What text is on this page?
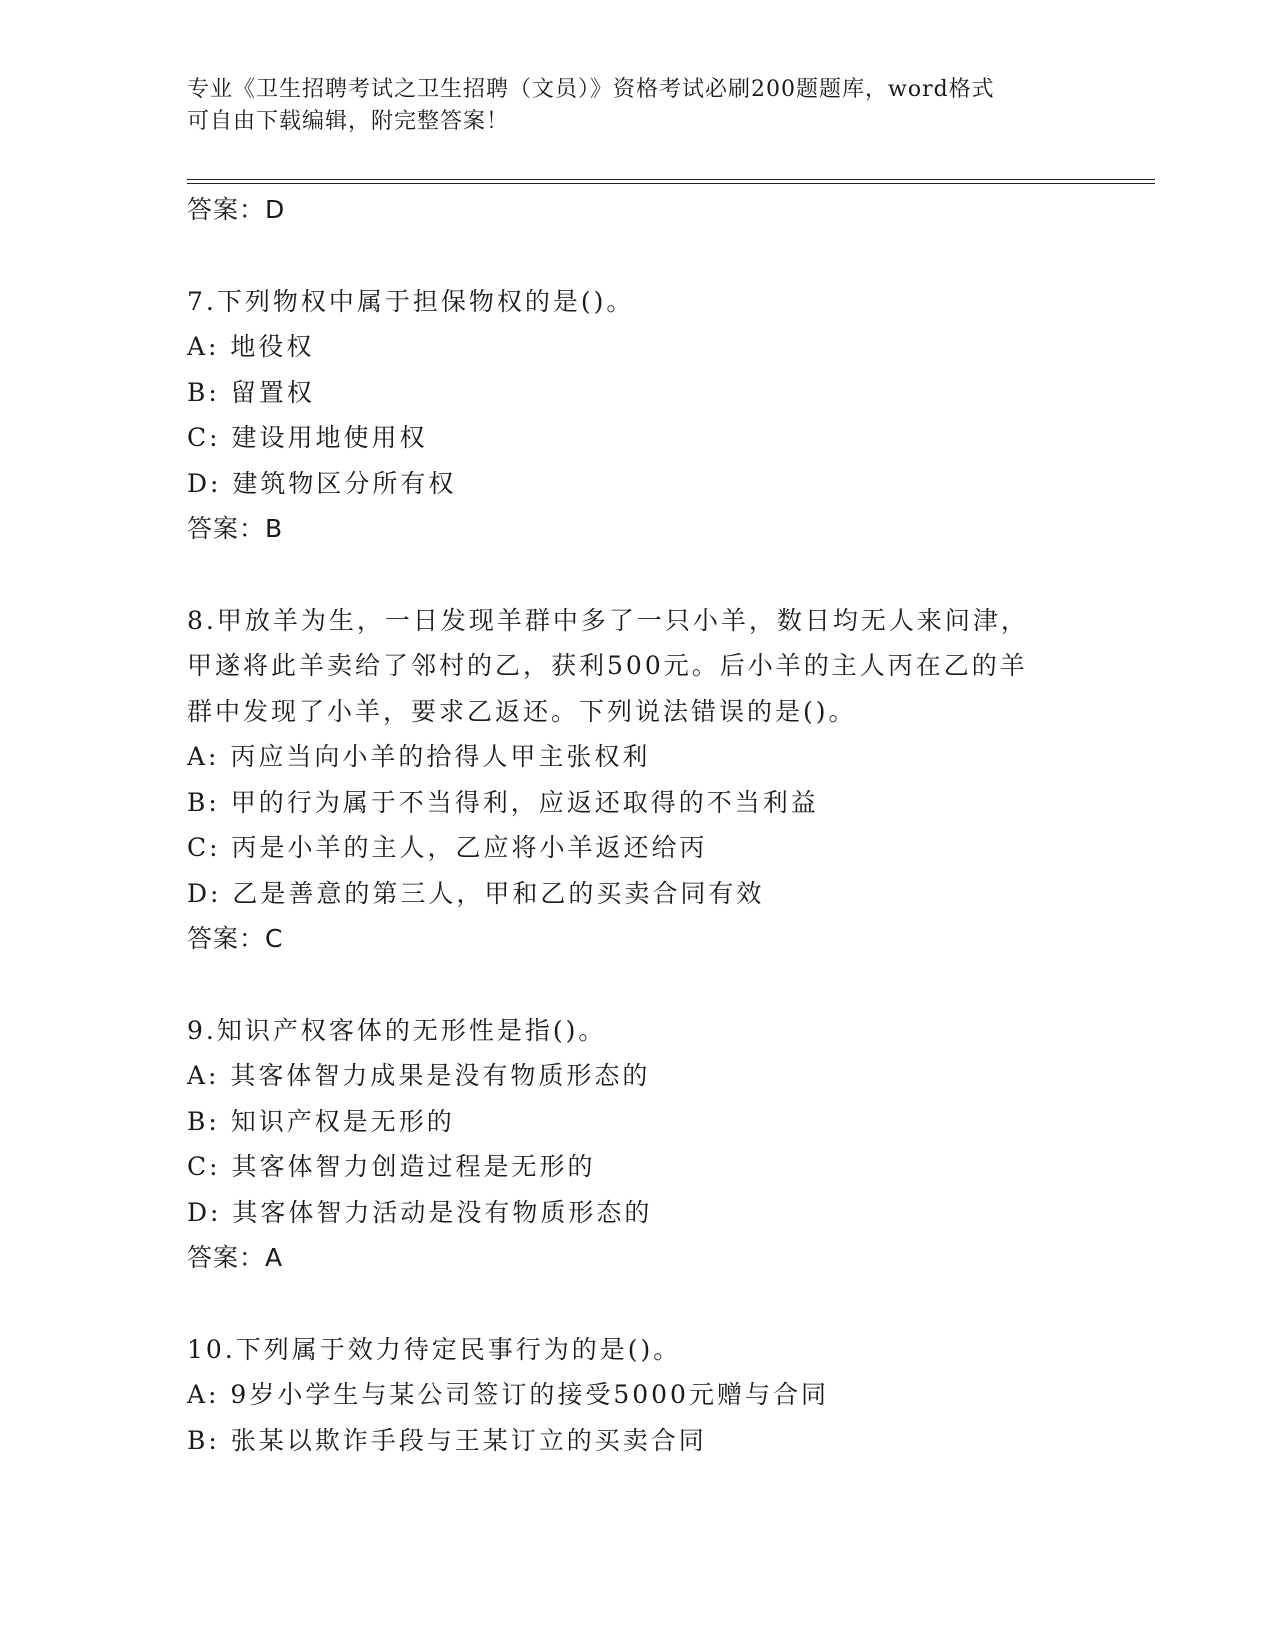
专业《卫生招聘考试之卫生招聘（文员）》资格考试必刷200题题库，word格式
可自由下载编辑，附完整答案！
答案：D
7.下列物权中属于担保物权的是()。
A: 地役权
B: 留置权
C: 建设用地使用权
D: 建筑物区分所有权
答案：B
8.甲放羊为生，一日发现羊群中多了一只小羊，数日均无人来问津，
甲遂将此羊卖给了邻村的乙，获利500元。后小羊的主人丙在乙的羊
群中发现了小羊，要求乙返还。下列说法错误的是()。
A: 丙应当向小羊的拾得人甲主张权利
B: 甲的行为属于不当得利，应返还取得的不当利益
C: 丙是小羊的主人，乙应将小羊返还给丙
D: 乙是善意的第三人，甲和乙的买卖合同有效
答案：C
9.知识产权客体的无形性是指()。
A: 其客体智力成果是没有物质形态的
B: 知识产权是无形的
C: 其客体智力创造过程是无形的
D: 其客体智力活动是没有物质形态的
答案：A
10.下列属于效力待定民事行为的是()。
A: 9岁小学生与某公司签订的接受5000元赠与合同
B: 张某以欺诈手段与王某订立的买卖合同
